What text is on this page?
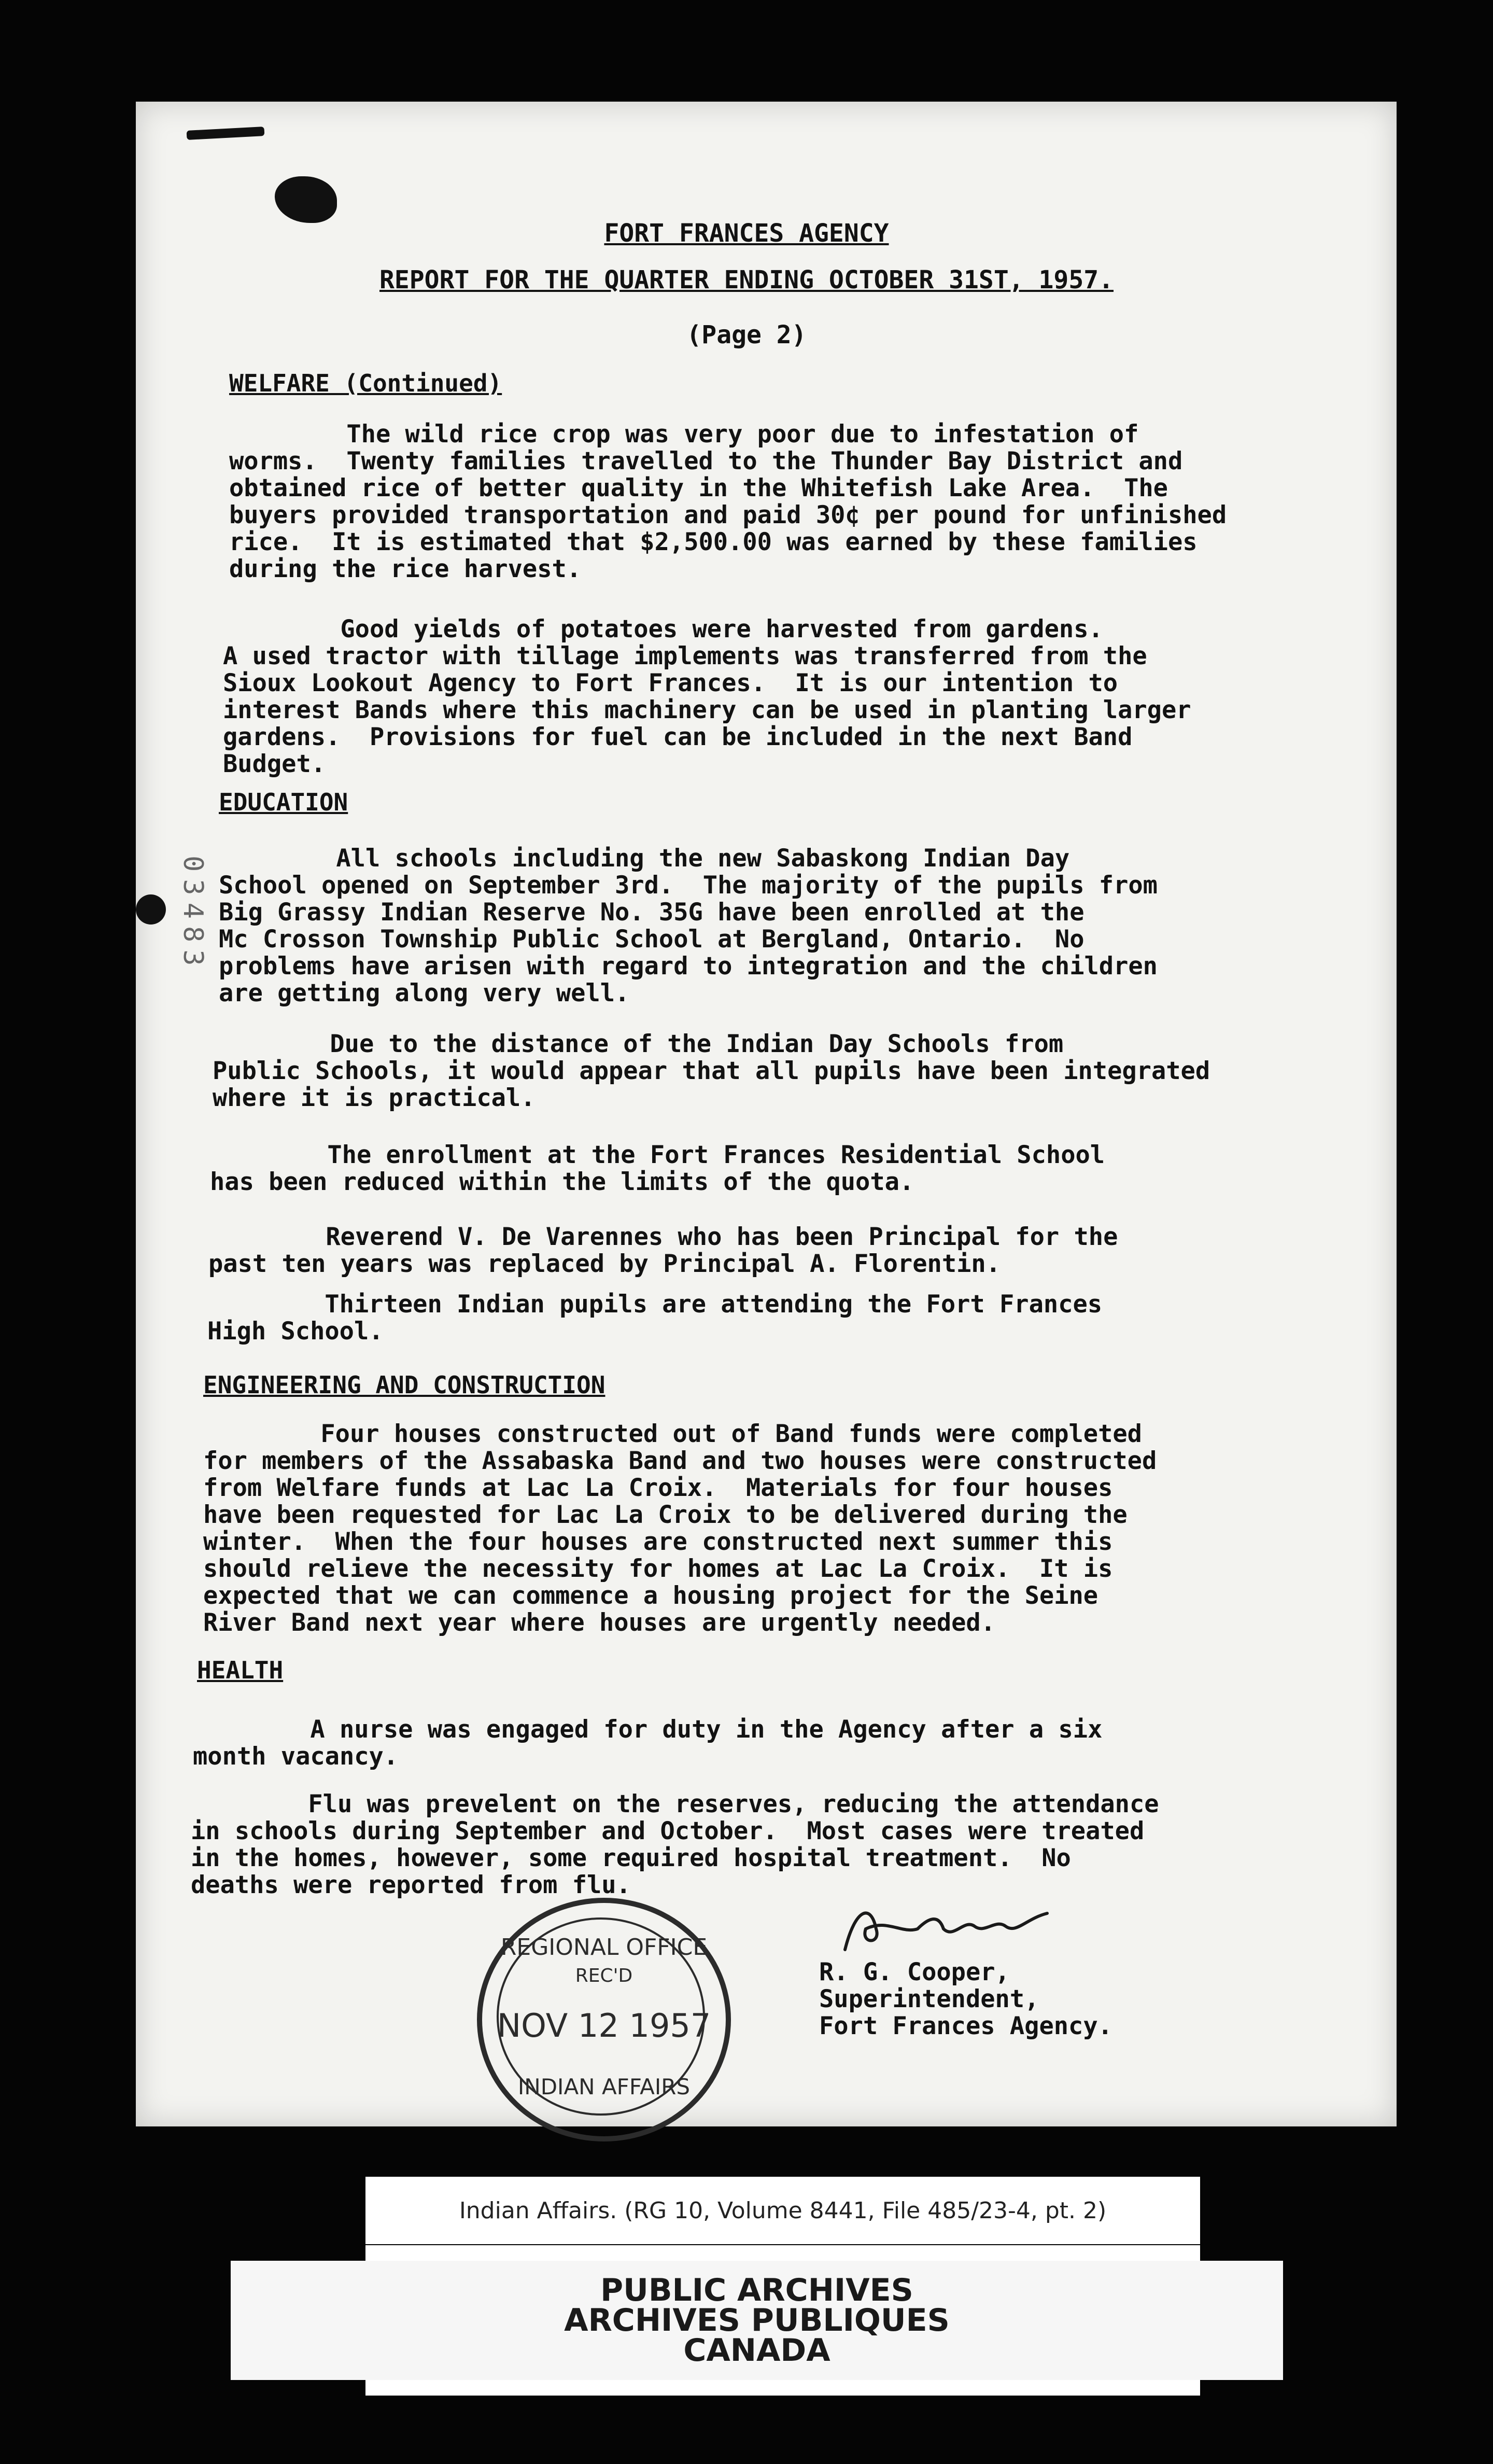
03483
FORT FRANCES AGENCY
REPORT FOR THE QUARTER ENDING OCTOBER 31ST, 1957.
(Page 2)
WELFARE (Continued)
The wild rice crop was very poor due to infestation of
worms.  Twenty families travelled to the Thunder Bay District and
obtained rice of better quality in the Whitefish Lake Area.  The
buyers provided transportation and paid 30¢ per pound for unfinished
rice.  It is estimated that $2,500.00 was earned by these families
during the rice harvest.
Good yields of potatoes were harvested from gardens.
A used tractor with tillage implements was transferred from the
Sioux Lookout Agency to Fort Frances.  It is our intention to
interest Bands where this machinery can be used in planting larger
gardens.  Provisions for fuel can be included in the next Band
Budget.
EDUCATION
All schools including the new Sabaskong Indian Day
School opened on September 3rd.  The majority of the pupils from
Big Grassy Indian Reserve No. 35G have been enrolled at the
Mc Crosson Township Public School at Bergland, Ontario.  No
problems have arisen with regard to integration and the children
are getting along very well.
Due to the distance of the Indian Day Schools from
Public Schools, it would appear that all pupils have been integrated
where it is practical.
The enrollment at the Fort Frances Residential School
has been reduced within the limits of the quota.
Reverend V. De Varennes who has been Principal for the
past ten years was replaced by Principal A. Florentin.
Thirteen Indian pupils are attending the Fort Frances
High School.
ENGINEERING AND CONSTRUCTION
Four houses constructed out of Band funds were completed
for members of the Assabaska Band and two houses were constructed
from Welfare funds at Lac La Croix.  Materials for four houses
have been requested for Lac La Croix to be delivered during the
winter.  When the four houses are constructed next summer this
should relieve the necessity for homes at Lac La Croix.  It is
expected that we can commence a housing project for the Seine
River Band next year where houses are urgently needed.
HEALTH
A nurse was engaged for duty in the Agency after a six
month vacancy.
Flu was prevelent on the reserves, reducing the attendance
in schools during September and October.  Most cases were treated
in the homes, however, some required hospital treatment.  No
deaths were reported from flu.
REGIONAL OFFICE
REC'D
NOV 12 1957
INDIAN AFFAIRS
R. G. Cooper,
Superintendent,
Fort Frances Agency.
Indian Affairs. (RG 10, Volume 8441, File 485/23-4, pt. 2)
PUBLIC ARCHIVES
ARCHIVES PUBLIQUES
CANADA
